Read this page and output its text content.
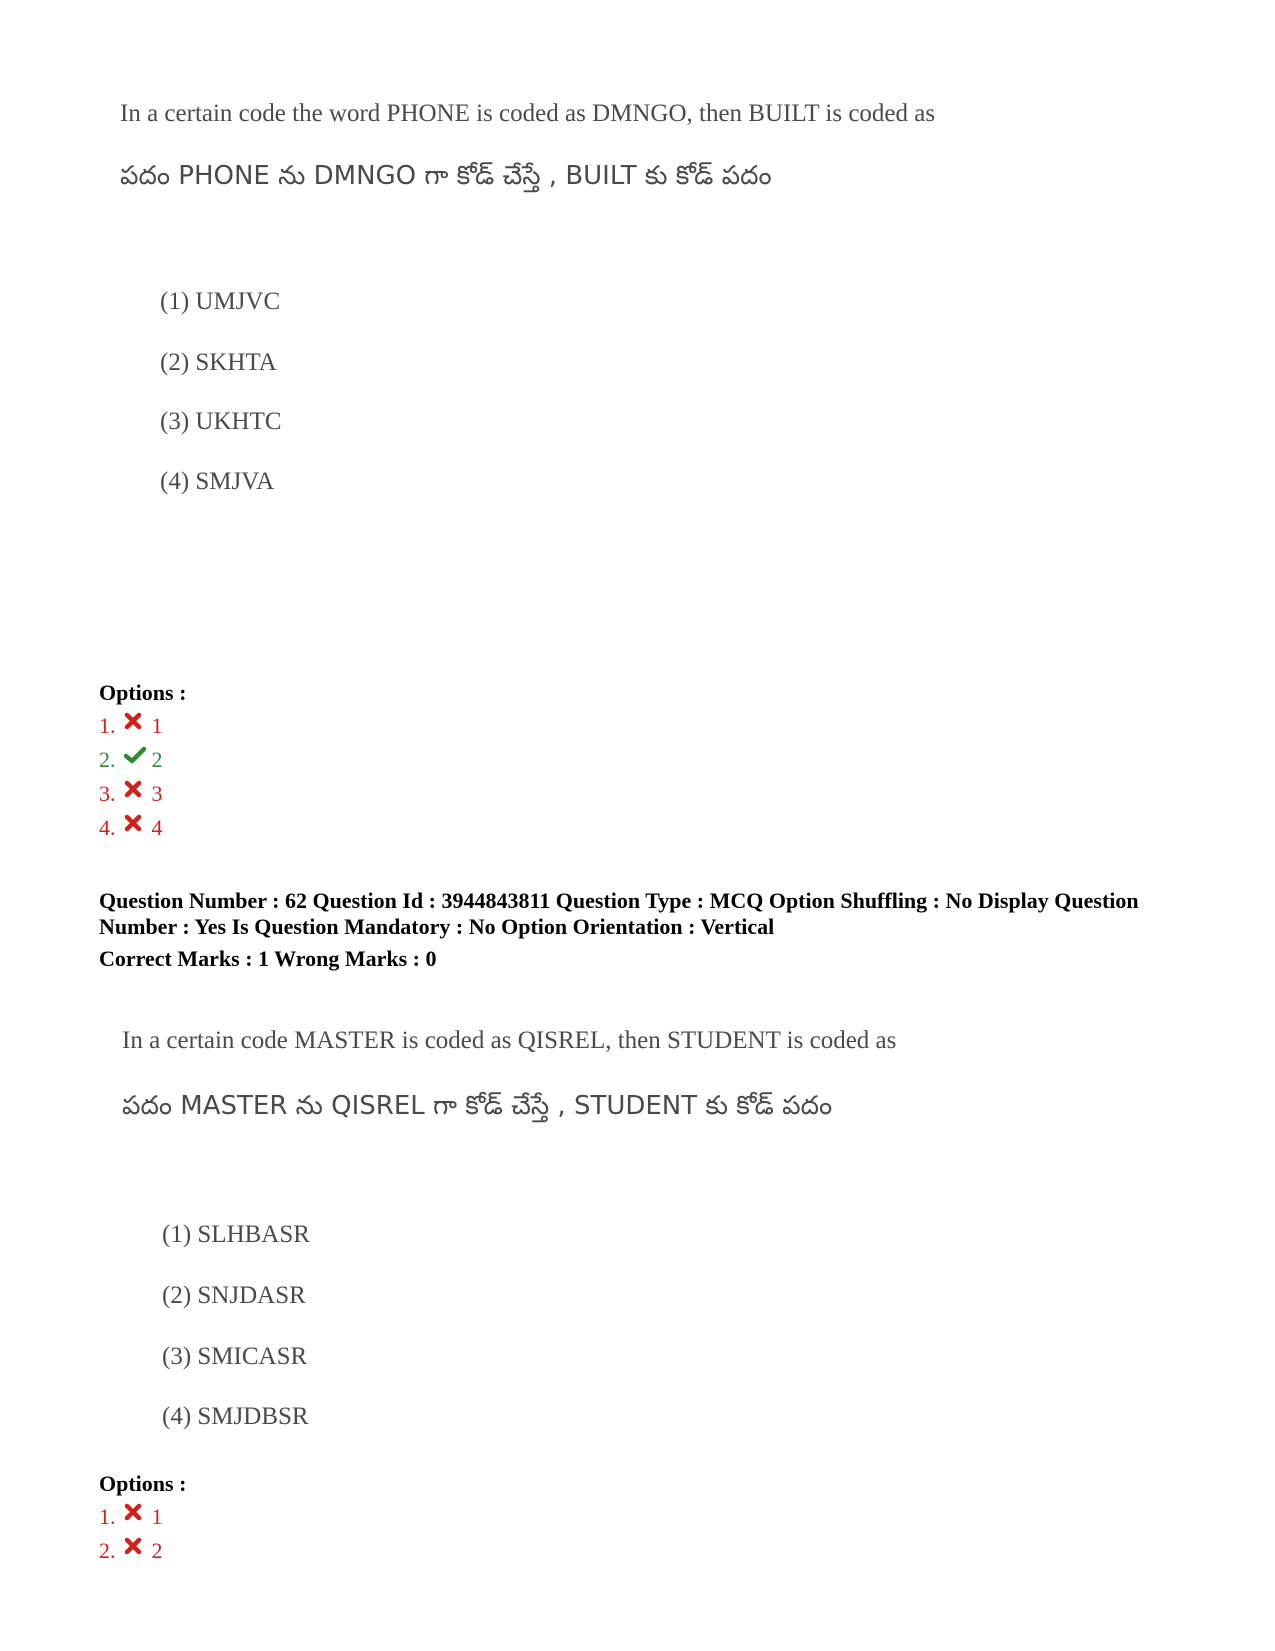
In a certain code the word PHONE is coded as DMNGO, then BUILT is coded as
పదం PHONE ను DMNGO గా కోడ్ చేస్తే , BUILT కు కోడ్ పదం
(1) UMJVC
(2) SKHTA
(3) UKHTC
(4) SMJVA
Options :
1. 1
2. 2
3. 3
4. 4
Question Number : 62 Question Id : 3944843811 Question Type : MCQ Option Shuffling : No Display Question Number : Yes Is Question Mandatory : No Option Orientation : Vertical
Correct Marks : 1 Wrong Marks : 0
In a certain code MASTER is coded as QISREL, then STUDENT is coded as
పదం MASTER ను QISREL గా కోడ్ చేస్తే , STUDENT కు కోడ్ పదం
(1) SLHBASR
(2) SNJDASR
(3) SMICASR
(4) SMJDBSR
Options :
1. 1
2. 2
